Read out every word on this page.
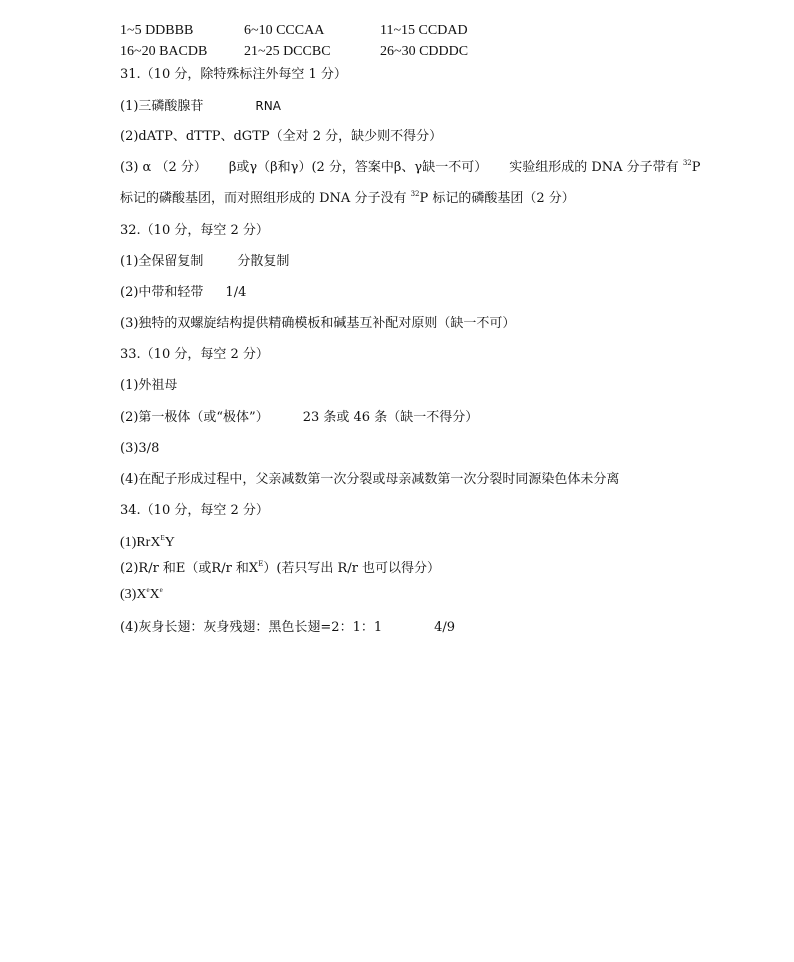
1~5 DDBBB	6~10 CCCAA	11~15 CCDAD
16~20 BACDB	21~25 DCCBC	26~30 CDDDC
31.（10 分，除特殊标注外每空 1 分）
(1)三磷酸腺苷	RNA
(2)dATP、dTTP、dGTP（全对 2 分，缺少则不得分）
(3) α （2 分） β或γ（β和γ）(2 分，答案中β、γ缺一不可） 实验组形成的 DNA 分子带有 $^{32}$P
标记的磷酸基团，而对照组形成的 DNA 分子没有 $^{32}$P 标记的磷酸基团（2 分）
32.（10 分，每空 2 分）
(1)全保留复制	分散复制
(2)中带和轻带 1/4
(3)独特的双螺旋结构提供精确模板和碱基互补配对原则（缺一不可）
33.（10 分，每空 2 分）
(1)外祖母
(2)第一极体（或“极体”）	23 条或 46 条（缺一不得分）
(3)3/8
(4)在配子形成过程中，父亲减数第一次分裂或母亲减数第一次分裂时同源染色体未分离
34.（10 分，每空 2 分）
(1)RrX$^E$Y
(2)R/r 和E（或R/r 和$X^E$）(若只写出 R/r 也可以得分）
(3)XeXe
(4)灰身长翅：灰身残翅：黑色长翅=2：1：1	4/9
